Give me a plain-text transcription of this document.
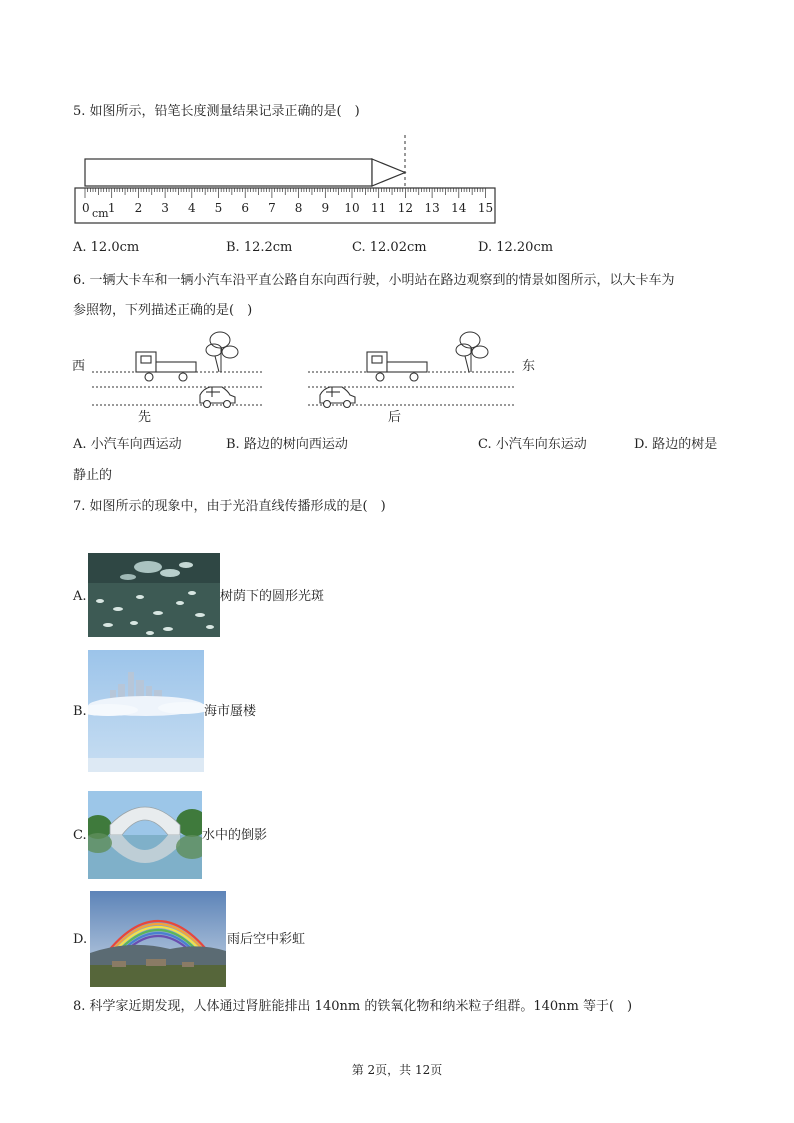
5. 如图所示，铅笔长度测量结果记录正确的是(　)
0 1 2 3 4 5 6 7 8 9 10 11 12 13 14 15
cm
A. 12.0cm	B. 12.2cm	C. 12.02cm	D. 12.20cm
6. 一辆大卡车和一辆小汽车沿平直公路自东向西行驶，小明站在路边观察到的情景如图所示，以大卡车为
参照物，下列描述正确的是(　)
西	东
先	后
A. 小汽车向西运动	B. 路边的树向西运动	C. 小汽车向东运动	D. 路边的树是
静止的
7. 如图所示的现象中，由于光沿直线传播形成的是(　)
A.	树荫下的圆形光斑
B.	海市蜃楼
C.	水中的倒影
D.	雨后空中彩虹
8. 科学家近期发现，人体通过肾脏能排出 140nm 的铁氧化物和纳米粒子组群。140nm 等于(　)
第 2页，共 12页
